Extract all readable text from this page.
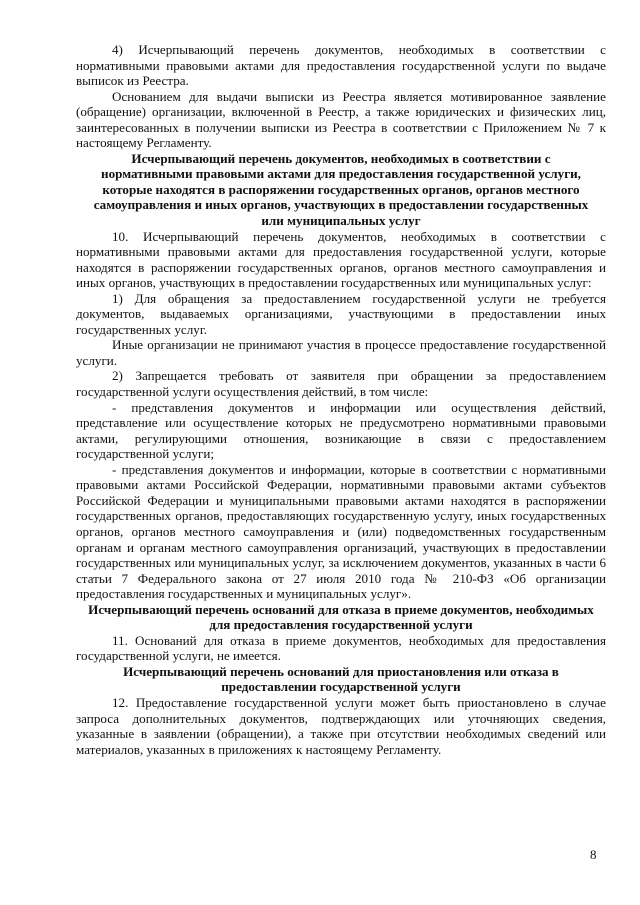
4) Исчерпывающий перечень документов, необходимых в соответствии с нормативными правовыми актами для предоставления государственной услуги по выдаче выписок из Реестра.

Основанием для выдачи выписки из Реестра является мотивированное заявление (обращение) организации, включенной в Реестр, а также юридических и физических лиц, заинтересованных в получении выписки из Реестра в соответствии с Приложением № 7 к настоящему Регламенту.

Исчерпывающий перечень документов, необходимых в соответствии с нормативными правовыми актами для предоставления государственной услуги, которые находятся в распоряжении государственных органов, органов местного самоуправления и иных органов, участвующих в предоставлении государственных или муниципальных услуг

10. Исчерпывающий перечень документов, необходимых в соответствии с нормативными правовыми актами для предоставления государственной услуги, которые находятся в распоряжении государственных органов, органов местного самоуправления и иных органов, участвующих в предоставлении государственных или муниципальных услуг:

1) Для обращения за предоставлением государственной услуги не требуется документов, выдаваемых организациями, участвующими в предоставлении иных государственных услуг.

Иные организации не принимают участия в процессе предоставление государственной услуги.

2) Запрещается требовать от заявителя при обращении за предоставлением государственной услуги осуществления действий, в том числе:

- представления документов и информации или осуществления действий, представление или осуществление которых не предусмотрено нормативными правовыми актами, регулирующими отношения, возникающие в связи с предоставлением государственной услуги;

- представления документов и информации, которые в соответствии с нормативными правовыми актами Российской Федерации, нормативными правовыми актами субъектов Российской Федерации и муниципальными правовыми актами находятся в распоряжении государственных органов, предоставляющих государственную услугу, иных государственных органов, органов местного самоуправления и (или) подведомственных государственным органам и органам местного самоуправления организаций, участвующих в предоставлении государственных или муниципальных услуг, за исключением документов, указанных в части 6 статьи 7 Федерального закона от 27 июля 2010 года № 210-ФЗ «Об организации предоставления государственных и муниципальных услуг».

Исчерпывающий перечень оснований для отказа в приеме документов, необходимых для предоставления государственной услуги

11. Оснований для отказа в приеме документов, необходимых для предоставления государственной услуги, не имеется.

Исчерпывающий перечень оснований для приостановления или отказа в предоставлении государственной услуги

12. Предоставление государственной услуги может быть приостановлено в случае запроса дополнительных документов, подтверждающих или уточняющих сведения, указанные в заявлении (обращении), а также при отсутствии необходимых сведений или материалов, указанных в приложениях к настоящему Регламенту.

8
